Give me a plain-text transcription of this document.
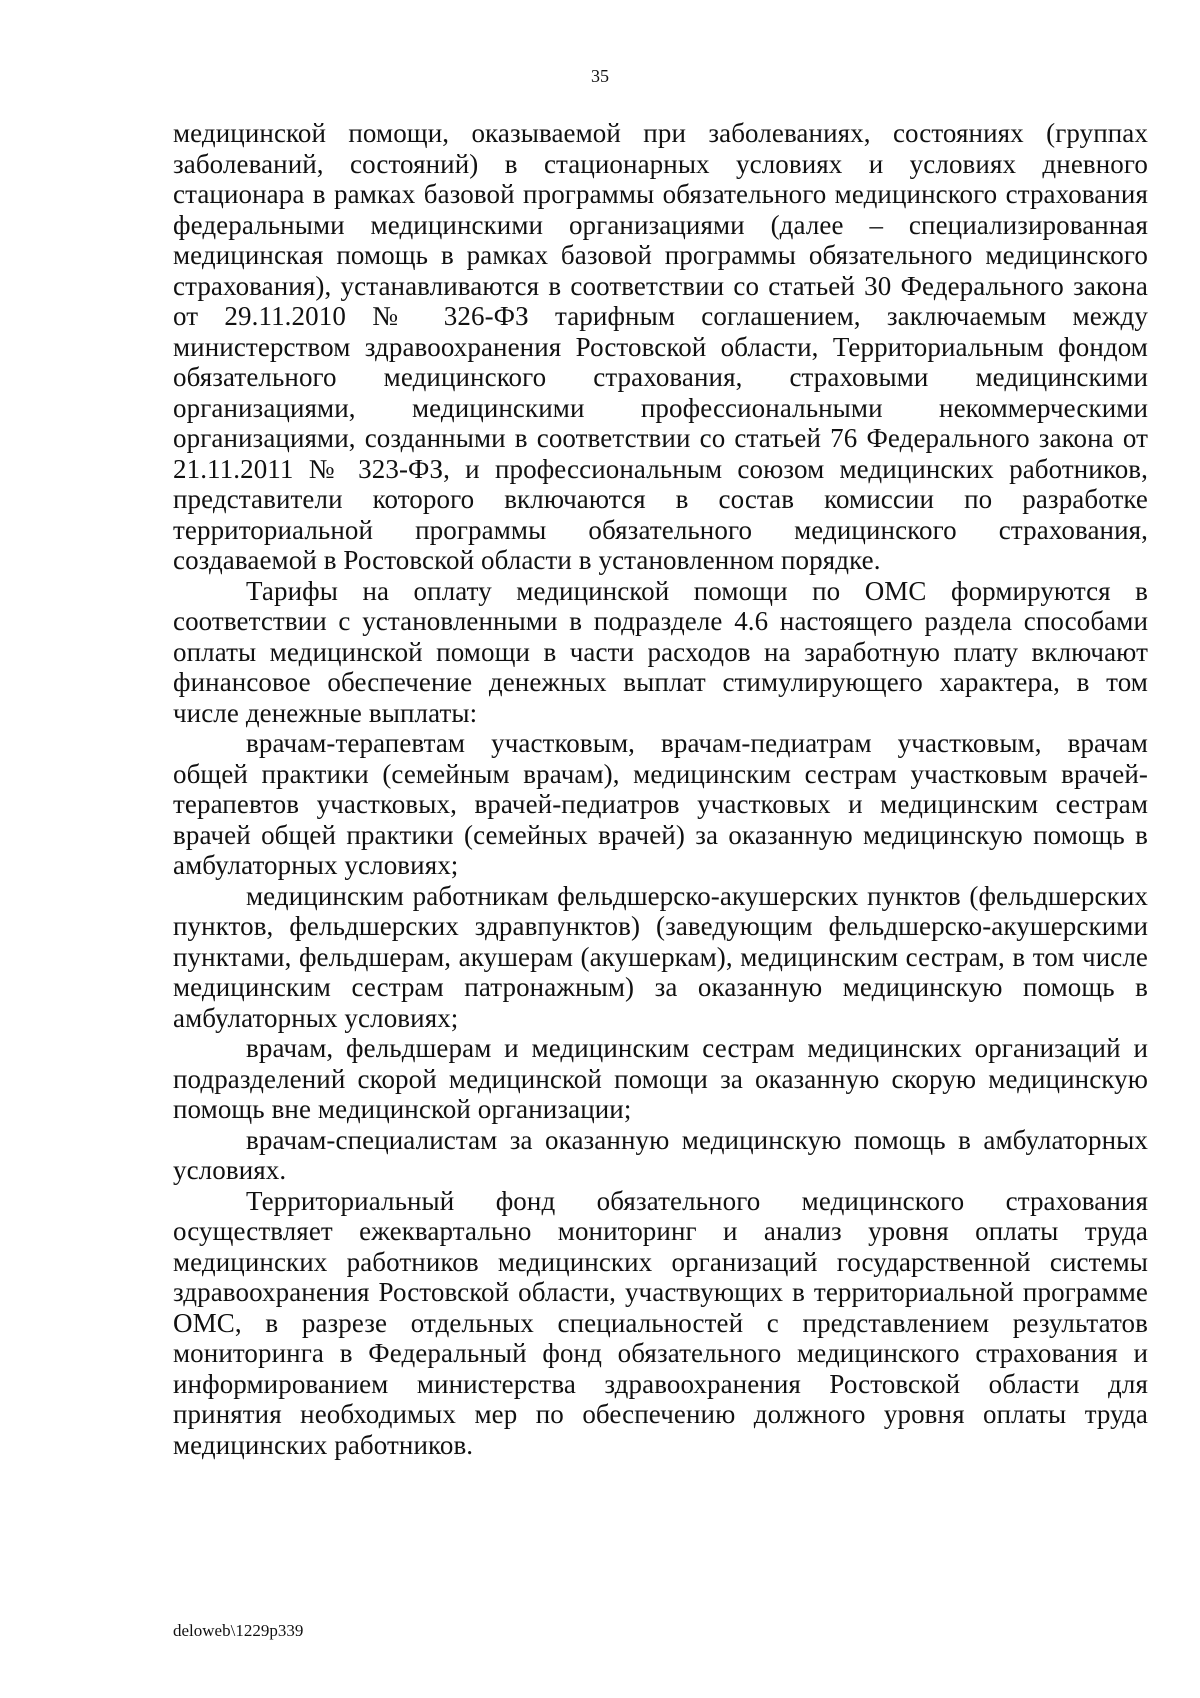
35

медицинской помощи, оказываемой при заболеваниях, состояниях (группах заболеваний, состояний) в стационарных условиях и условиях дневного стационара в рамках базовой программы обязательного медицинского страхования федеральными медицинскими организациями (далее – специализированная медицинская помощь в рамках базовой программы обязательного медицинского страхования), устанавливаются в соответствии со статьей 30 Федерального закона от 29.11.2010 № 326-ФЗ тарифным соглашением, заключаемым между министерством здравоохранения Ростовской области, Территориальным фондом обязательного медицинского страхования, страховыми медицинскими организациями, медицинскими профессиональными некоммерческими организациями, созданными в соответствии со статьей 76 Федерального закона от 21.11.2011 № 323-ФЗ, и профессиональным союзом медицинских работников, представители которого включаются в состав комиссии по разработке территориальной программы обязательного медицинского страхования, создаваемой в Ростовской области в установленном порядке.

Тарифы на оплату медицинской помощи по ОМС формируются в соответствии с установленными в подразделе 4.6 настоящего раздела способами оплаты медицинской помощи в части расходов на заработную плату включают финансовое обеспечение денежных выплат стимулирующего характера, в том числе денежные выплаты:

врачам-терапевтам участковым, врачам-педиатрам участковым, врачам общей практики (семейным врачам), медицинским сестрам участковым врачей-терапевтов участковых, врачей-педиатров участковых и медицинским сестрам врачей общей практики (семейных врачей) за оказанную медицинскую помощь в амбулаторных условиях;

медицинским работникам фельдшерско-акушерских пунктов (фельдшерских пунктов, фельдшерских здравпунктов) (заведующим фельдшерско-акушерскими пунктами, фельдшерам, акушерам (акушеркам), медицинским сестрам, в том числе медицинским сестрам патронажным) за оказанную медицинскую помощь в амбулаторных условиях;

врачам, фельдшерам и медицинским сестрам медицинских организаций и подразделений скорой медицинской помощи за оказанную скорую медицинскую помощь вне медицинской организации;

врачам-специалистам за оказанную медицинскую помощь в амбулаторных условиях.

Территориальный фонд обязательного медицинского страхования осуществляет ежеквартально мониторинг и анализ уровня оплаты труда медицинских работников медицинских организаций государственной системы здравоохранения Ростовской области, участвующих в территориальной программе ОМС, в разрезе отдельных специальностей с представлением результатов мониторинга в Федеральный фонд обязательного медицинского страхования и информированием министерства здравоохранения Ростовской области для принятия необходимых мер по обеспечению должного уровня оплаты труда медицинских работников.

deloweb\1229p339
